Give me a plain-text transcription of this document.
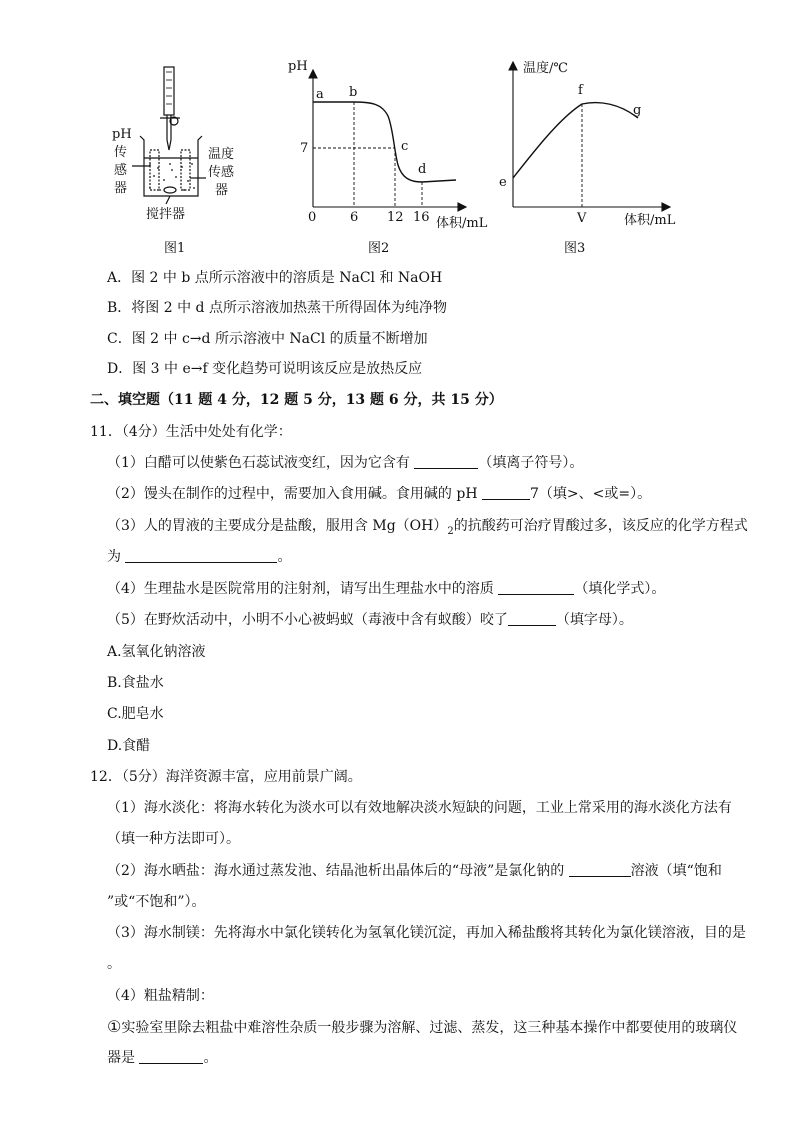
pH
传
感
器
温度
传感
器
搅拌器
图1
pH
a b
c
d
7
0	6 12 16 体积/mL
图2
温度/℃
e
f
g
V	体积/mL
图3
A．图 2 中 b 点所示溶液中的溶质是 NaCl 和 NaOH
B．将图 2 中 d 点所示溶液加热蒸干所得固体为纯净物
C．图 2 中 c→d 所示溶液中 NaCl 的质量不断增加
D．图 3 中 e→f 变化趋势可说明该反应是放热反应
二、填空题（11 题 4 分，12 题 5 分，13 题 6 分，共 15 分）
11．（4分）生活中处处有化学：
（1）白醋可以使紫色石蕊试液变红，因为它含有	（填离子符号）。
（2）馒头在制作的过程中，需要加入食用碱。食用碱的 pH	7（填>、<或=）。
（3）人的胃液的主要成分是盐酸，服用含 $Mg(OH)_2$的抗酸药可治疗胃酸过多，该反应的化学方程式
为	。
（4）生理盐水是医院常用的注射剂，请写出生理盐水中的溶质	（填化学式）。
（5）在野炊活动中，小明不小心被蚂蚁（毒液中含有蚁酸）咬了	（填字母）。
A.氢氧化钠溶液
B.食盐水
C.肥皂水
D.食醋
12．（5分）海洋资源丰富，应用前景广阔。
（1）海水淡化：将海水转化为淡水可以有效地解决淡水短缺的问题，工业上常采用的海水淡化方法有
（填一种方法即可）。
（2）海水晒盐：海水通过蒸发池、结晶池析出晶体后的“母液”是氯化钠的	溶液（填“饱和
”或“不饱和”）。
（3）海水制镁：先将海水中氯化镁转化为氢氧化镁沉淀，再加入稀盐酸将其转化为氯化镁溶液，目的是
。
（4）粗盐精制：
①实验室里除去粗盐中难溶性杂质一般步骤为溶解、过滤、蒸发，这三种基本操作中都要使用的玻璃仪
器是	。
